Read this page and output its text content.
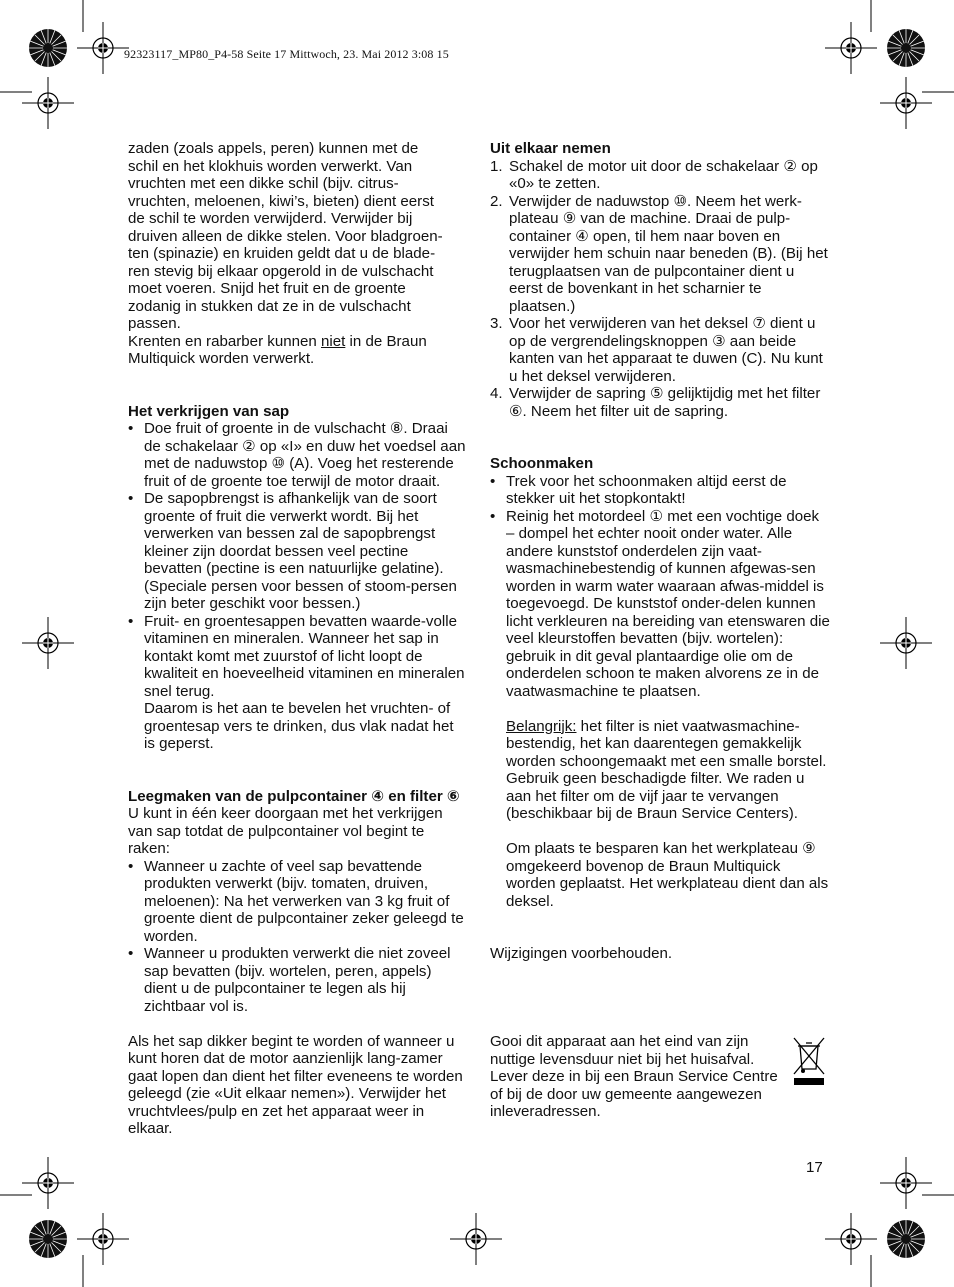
92323117_MP80_P4-58 Seite 17 Mittwoch, 23. Mai 2012 3:08 15
zaden (zoals appels, peren) kunnen met de
schil en het klokhuis worden verwerkt. Van
vruchten met een dikke schil (bijv. citrus-
vruchten, meloenen, kiwi’s, bieten) dient eerst
de schil te worden verwijderd. Verwijder bij
druiven alleen de dikke stelen. Voor bladgroen-
ten (spinazie) en kruiden geldt dat u de blade-
ren stevig bij elkaar opgerold in de vulschacht
moet voeren. Snijd het fruit en de groente
zodanig in stukken dat ze in de vulschacht
passen.
Krenten en rabarber kunnen niet in de Braun
Multiquick worden verwerkt.
Het verkrijgen van sap
• Doe fruit of groente in de vulschacht ⑧. Draai de schakelaar ② op «I» en duw het voedsel aan met de naduwstop ⑩ (A). Voeg het resterende fruit of de groente toe terwijl de motor draait.
• De sapopbrengst is afhankelijk van de soort groente of fruit die verwerkt wordt. Bij het verwerken van bessen zal de sapopbrengst kleiner zijn doordat bessen veel pectine bevatten (pectine is een natuurlijke gelatine). (Speciale persen voor bessen of stoom-persen zijn beter geschikt voor bessen.)
• Fruit- en groentesappen bevatten waarde-volle vitaminen en mineralen. Wanneer het sap in kontakt komt met zuurstof of licht loopt de kwaliteit en hoeveelheid vitaminen en mineralen snel terug.
Daarom is het aan te bevelen het vruchten- of groentesap vers te drinken, dus vlak nadat het is geperst.
Leegmaken van de pulpcontainer ④ en filter ⑥
U kunt in één keer doorgaan met het verkrijgen van sap totdat de pulpcontainer vol begint te raken:
• Wanneer u zachte of veel sap bevattende produkten verwerkt (bijv. tomaten, druiven, meloenen): Na het verwerken van 3 kg fruit of groente dient de pulpcontainer zeker geleegd te worden.
• Wanneer u produkten verwerkt die niet zoveel sap bevatten (bijv. wortelen, peren, appels) dient u de pulpcontainer te legen als hij zichtbaar vol is.
Als het sap dikker begint te worden of wanneer u kunt horen dat de motor aanzienlijk lang-zamer gaat lopen dan dient het filter eveneens te worden geleegd (zie «Uit elkaar nemen»). Verwijder het vruchtvlees/pulp en zet het apparaat weer in elkaar.
Uit elkaar nemen
1. Schakel de motor uit door de schakelaar ② op «0» te zetten.
2. Verwijder de naduwstop ⑩. Neem het werk-plateau ⑨ van de machine. Draai de pulp-container ④ open, til hem naar boven en verwijder hem schuin naar beneden (B). (Bij het terugplaatsen van de pulpcontainer dient u eerst de bovenkant in het scharnier te plaatsen.)
3. Voor het verwijderen van het deksel ⑦ dient u op de vergrendelingsknoppen ③ aan beide kanten van het apparaat te duwen (C). Nu kunt u het deksel verwijderen.
4. Verwijder de sapring ⑤ gelijktijdig met het filter ⑥. Neem het filter uit de sapring.
Schoonmaken
• Trek voor het schoonmaken altijd eerst de stekker uit het stopkontakt!
• Reinig het motordeel ① met een vochtige doek – dompel het echter nooit onder water. Alle andere kunststof onderdelen zijn vaat-wasmachinebestendig of kunnen afgewas-sen worden in warm water waaraan afwas-middel is toegevoegd. De kunststof onder-delen kunnen licht verkleuren na bereiding van etenswaren die veel kleurstoffen bevatten (bijv. wortelen): gebruik in dit geval plantaardige olie om de onderdelen schoon te maken alvorens ze in de vaatwasmachine te plaatsen.
Belangrijk: het filter is niet vaatwasmachine-bestendig, het kan daarentegen gemakkelijk worden schoongemaakt met een smalle borstel. Gebruik geen beschadigde filter. We raden u aan het filter om de vijf jaar te vervangen (beschikbaar bij de Braun Service Centers).
Om plaats te besparen kan het werkplateau ⑨ omgekeerd bovenop de Braun Multiquick worden geplaatst. Het werkplateau dient dan als deksel.
Wijzigingen voorbehouden.
Gooi dit apparaat aan het eind van zijn nuttige levensduur niet bij het huisafval. Lever deze in bij een Braun Service Centre of bij de door uw gemeente aangewezen inleveradressen.
17
